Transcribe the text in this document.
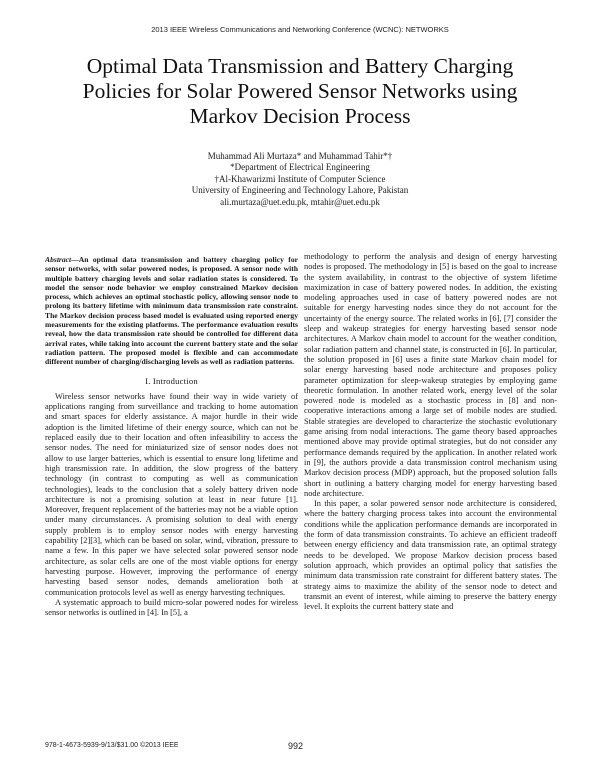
2013 IEEE Wireless Communications and Networking Conference (WCNC): NETWORKS
Optimal Data Transmission and Battery Charging
Policies for Solar Powered Sensor Networks using
Markov Decision Process
Muhammad Ali Murtaza* and Muhammad Tahir*†
*Department of Electrical Engineering
†Al-Khawarizmi Institute of Computer Science
University of Engineering and Technology Lahore, Pakistan
ali.murtaza@uet.edu.pk, mtahir@uet.edu.pk

Abstract—An optimal data transmission and battery charging policy for sensor networks, with solar powered nodes, is proposed. A sensor node with multiple battery charging levels and solar radiation states is considered. To model the sensor node behavior we employ constrained Markov decision process, which achieves an optimal stochastic policy, allowing sensor node to prolong its battery lifetime with minimum data transmission rate constraint. The Markov decision process based model is evaluated using reported energy measurements for the existing platforms. The performance evaluation results reveal, how the data transmission rate should be controlled for different data arrival rates, while taking into account the current battery state and the solar radiation pattern. The proposed model is flexible and can accommodate different number of charging/discharging levels as well as radiation patterns.

I. Introduction

Wireless sensor networks have found their way in wide variety of applications ranging from surveillance and tracking to home automation and smart spaces for elderly assistance. A major hurdle in their wide adoption is the limited lifetime of their energy source, which can not be replaced easily due to their location and often infeasibility to access the sensor nodes. The need for miniaturized size of sensor nodes does not allow to use larger batteries, which is essential to ensure long lifetime and high transmission rate. In addition, the slow progress of the battery technology (in contrast to computing as well as communication technologies), leads to the conclusion that a solely battery driven node architecture is not a promising solution at least in near future [1]. Moreover, frequent replacement of the batteries may not be a viable option under many circumstances. A promising solution to deal with energy supply problem is to employ sensor nodes with energy harvesting capability [2][3], which can be based on solar, wind, vibration, pressure to name a few. In this paper we have selected solar powered sensor node architecture, as solar cells are one of the most viable options for energy harvesting purpose. However, improving the performance of energy harvesting based sensor nodes, demands amelioration both at communication protocols level as well as energy harvesting techniques.

A systematic approach to build micro-solar powered nodes for wireless sensor networks is outlined in [4]. In [5], a

methodology to perform the analysis and design of energy harvesting nodes is proposed. The methodology in [5] is based on the goal to increase the system availability, in contrast to the objective of system lifetime maximization in case of battery powered nodes. In addition, the existing modeling approaches used in case of battery powered nodes are not suitable for energy harvesting nodes since they do not account for the uncertainty of the energy source. The related works in [6], [7] consider the sleep and wakeup strategies for energy harvesting based sensor node architectures. A Markov chain model to account for the weather condition, solar radiation pattern and channel state, is constructed in [6]. In particular, the solution proposed in [6] uses a finite state Markov chain model for solar energy harvesting based node architecture and proposes policy parameter optimization for sleep-wakeup strategies by employing game theoretic formulation. In another related work, energy level of the solar powered node is modeled as a stochastic process in [8] and non-cooperative interactions among a large set of mobile nodes are studied. Stable strategies are developed to characterize the stochastic evolutionary game arising from nodal interactions. The game theory based approaches mentioned above may provide optimal strategies, but do not consider any performance demands required by the application. In another related work in [9], the authors provide a data transmission control mechanism using Markov decision process (MDP) approach, but the proposed solution falls short in outlining a battery charging model for energy harvesting based node architecture.

In this paper, a solar powered sensor node architecture is considered, where the battery charging process takes into account the environmental conditions while the application performance demands are incorporated in the form of data transmission constraints. To achieve an efficient tradeoff between energy efficiency and data transmission rate, an optimal strategy needs to be developed. We propose Markov decision process based solution approach, which provides an optimal policy that satisfies the minimum data transmission rate constraint for different battery states. The strategy aims to maximize the ability of the sensor node to detect and transmit an event of interest, while aiming to preserve the battery energy level. It exploits the current battery state and

978-1-4673-5939-9/13/$31.00 ©2013 IEEE	992
